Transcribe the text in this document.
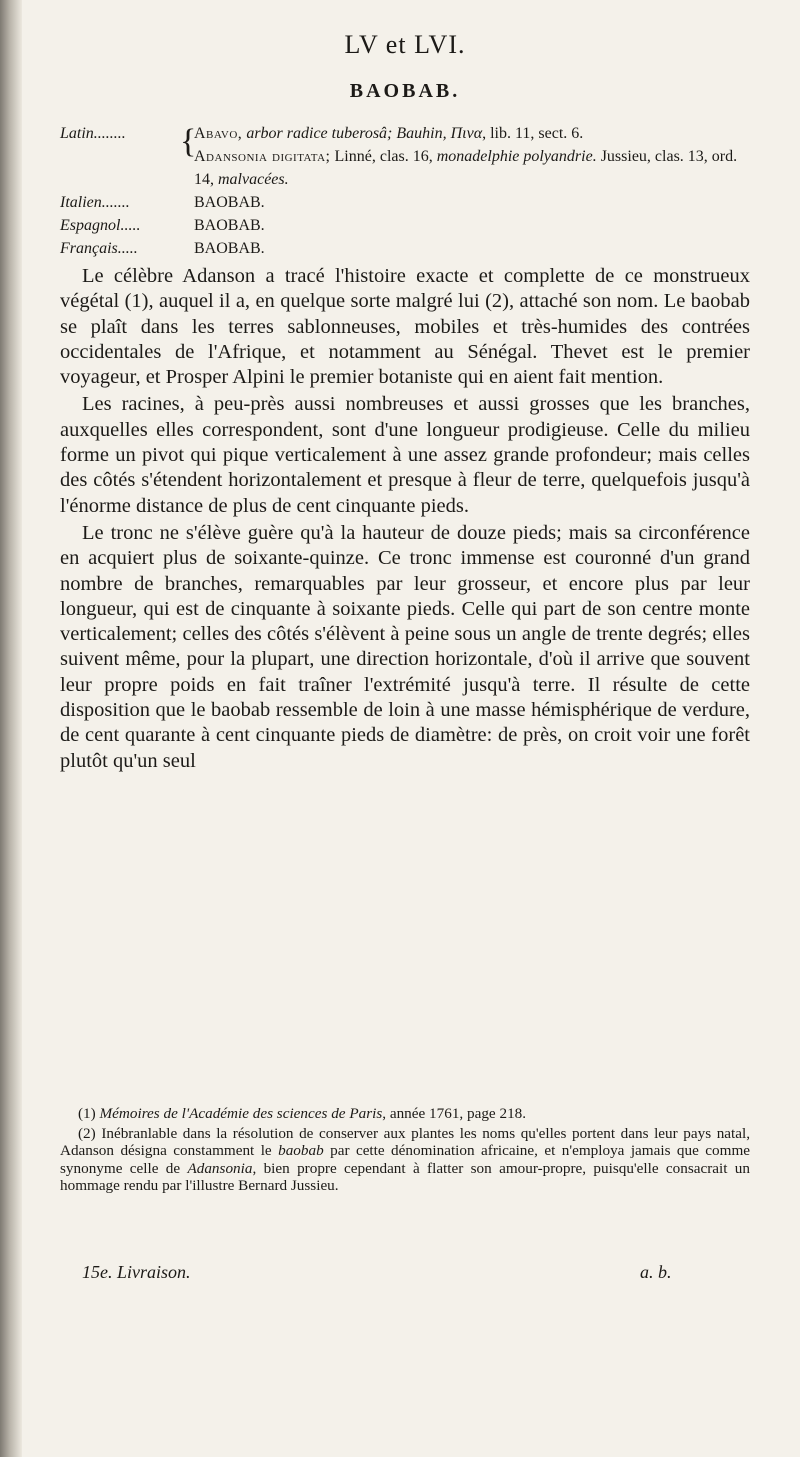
LV et LVI.
BAOBAB.
Latin........	{
Abavo, arbor radice tuberosâ; Bauhin, Πινα, lib. 11, sect. 6.
Adansonia digitata; Linné, clas. 16, monadelphie polyandrie. Jussieu, clas. 13, ord. 14, malvacées.
Italien.......	BAOBAB.
Espagnol.....	BAOBAB.
Français.....	BAOBAB.

Le célèbre Adanson a tracé l'histoire exacte et complette de ce monstrueux végétal (1), auquel il a, en quelque sorte malgré lui (2), attaché son nom. Le baobab se plaît dans les terres sablonneuses, mobiles et très-humides des contrées occidentales de l'Afrique, et notamment au Sénégal. Thevet est le premier voyageur, et Prosper Alpini le premier botaniste qui en aient fait mention.

Les racines, à peu-près aussi nombreuses et aussi grosses que les branches, auxquelles elles correspondent, sont d'une longueur prodigieuse. Celle du milieu forme un pivot qui pique verticalement à une assez grande profondeur; mais celles des côtés s'étendent horizontalement et presque à fleur de terre, quelquefois jusqu'à l'énorme distance de plus de cent cinquante pieds.

Le tronc ne s'élève guère qu'à la hauteur de douze pieds; mais sa circonférence en acquiert plus de soixante-quinze. Ce tronc immense est couronné d'un grand nombre de branches, remarquables par leur grosseur, et encore plus par leur longueur, qui est de cinquante à soixante pieds. Celle qui part de son centre monte verticalement; celles des côtés s'élèvent à peine sous un angle de trente degrés; elles suivent même, pour la plupart, une direction horizontale, d'où il arrive que souvent leur propre poids en fait traîner l'extrémité jusqu'à terre. Il résulte de cette disposition que le baobab ressemble de loin à une masse hémisphérique de verdure, de cent quarante à cent cinquante pieds de diamètre: de près, on croit voir une forêt plutôt qu'un seul

(1) Mémoires de l'Académie des sciences de Paris, année 1761, page 218.

(2) Inébranlable dans la résolution de conserver aux plantes les noms qu'elles portent dans leur pays natal, Adanson désigna constamment le baobab par cette dénomination africaine, et n'employa jamais que comme synonyme celle de Adansonia, bien propre cependant à flatter son amour-propre, puisqu'elle consacrait un hommage rendu par l'illustre Bernard Jussieu.

15e. Livraison.	a. b.
